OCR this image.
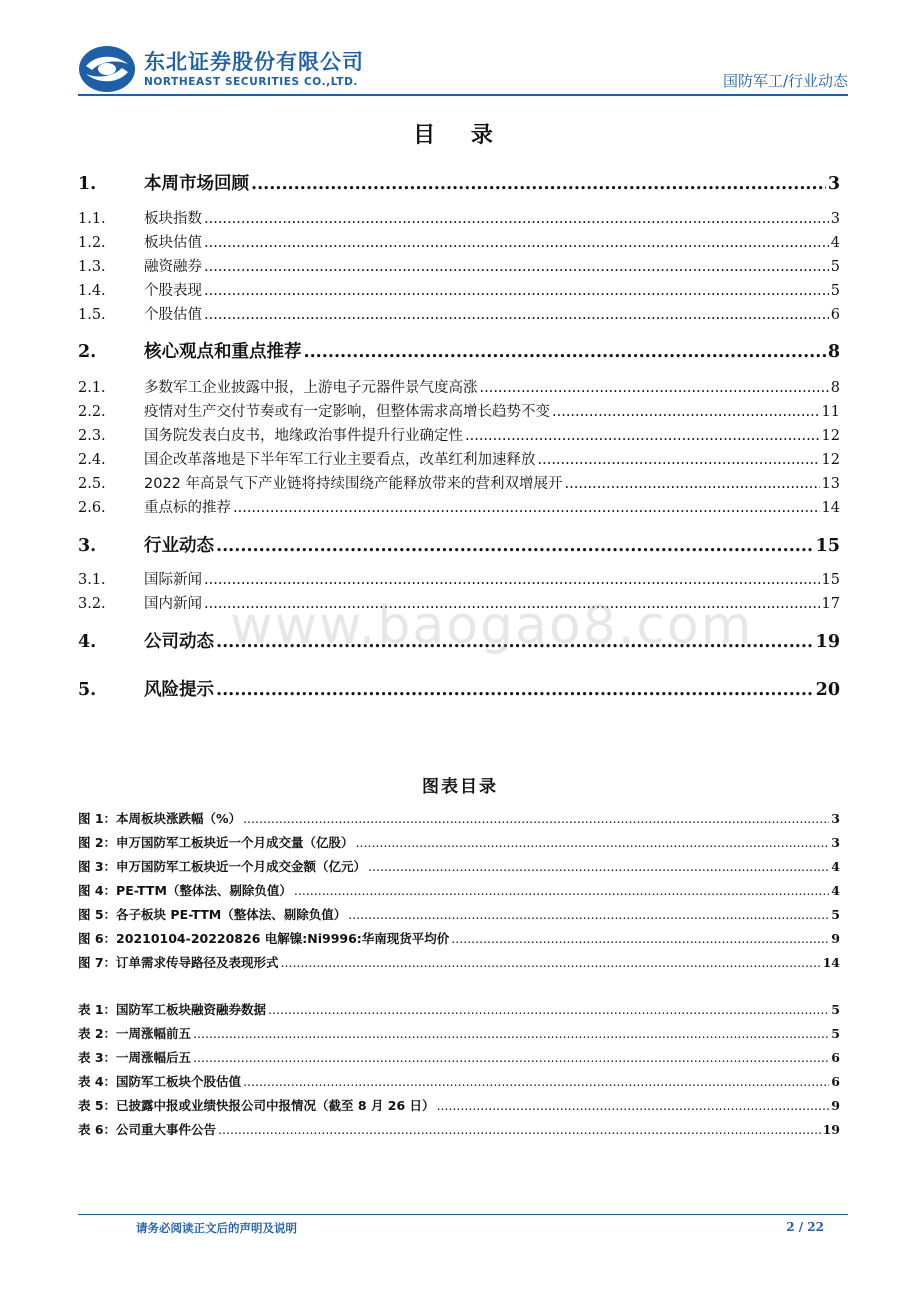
东北证券股份有限公司
NORTHEAST SECURITIES CO.,LTD.	国防军工/行业动态
目 录
1.	本周市场回顾 .....	3
1.1.	板块指数 .....	3
1.2.	板块估值 .....	4
1.3.	融资融券 .....	5
1.4.	个股表现 .....	5
1.5.	个股估值 .....	6
2.	核心观点和重点推荐 .....	8
2.1.	多数军工企业披露中报，上游电子元器件景气度高涨 .....	8
2.2.	疫情对生产交付节奏或有一定影响，但整体需求高增长趋势不变 .....	11
2.3.	国务院发表白皮书，地缘政治事件提升行业确定性 .....	12
2.4.	国企改革落地是下半年军工行业主要看点，改革红利加速释放 .....	12
2.5.	2022 年高景气下产业链将持续围绕产能释放带来的营利双增展开 .....	13
2.6.	重点标的推荐 .....	14
3.	行业动态 .....	15
3.1.	国际新闻 .....	15
3.2.	国内新闻 .....	17
4.	公司动态 .....	19
5.	风险提示 .....	20
www.baogao8.com
图表目录
图 1：本周板块涨跌幅（%） .....	3
图 2：申万国防军工板块近一个月成交量（亿股） .....	3
图 3：申万国防军工板块近一个月成交金额（亿元） .....	4
图 4：PE-TTM（整体法、剔除负值） .....	4
图 5：各子板块 PE-TTM（整体法、剔除负值） .....	5
图 6：20210104-20220826 电解镍:Ni9996:华南现货平均价 .....	9
图 7：订单需求传导路径及表现形式 .....	14
表 1：国防军工板块融资融券数据 .....	5
表 2：一周涨幅前五 .....	5
表 3：一周涨幅后五 .....	6
表 4：国防军工板块个股估值 .....	6
表 5：已披露中报或业绩快报公司中报情况（截至 8 月 26 日） .....	9
表 6：公司重大事件公告 .....	19
请务必阅读正文后的声明及说明	2 / 22
